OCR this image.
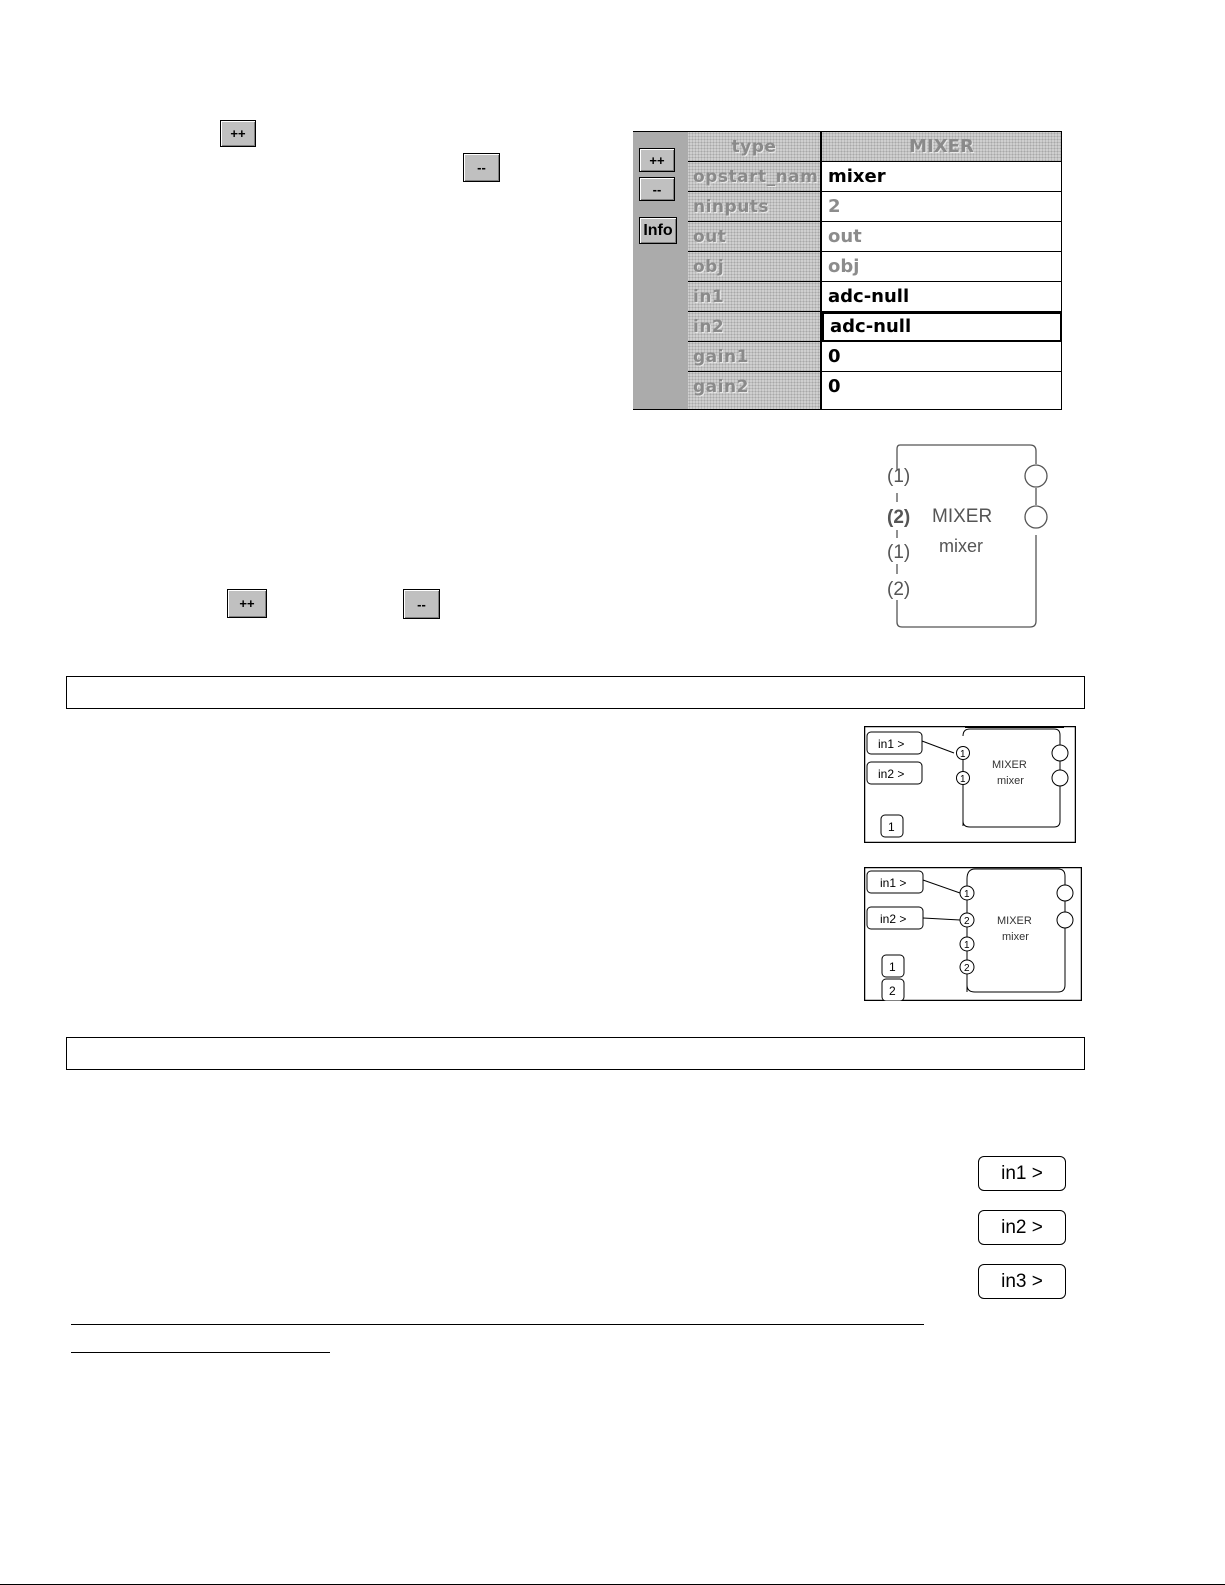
++
--	++
--
Info
type	MIXER
opstart_nam mixer
ninputs	2
out	out
obj	obj
in1	adc-null
in2	adc-null
gain1	0
gain2	0
(1)
(2)
(1)
(2)
MIXER
mixer
++	--
in1 >
in2 >
1
1
MIXER
mixer
1
in1 >
in2 >
1
2
1
2
MIXER
mixer
1
2
in1 >
in2 >
in3 >
